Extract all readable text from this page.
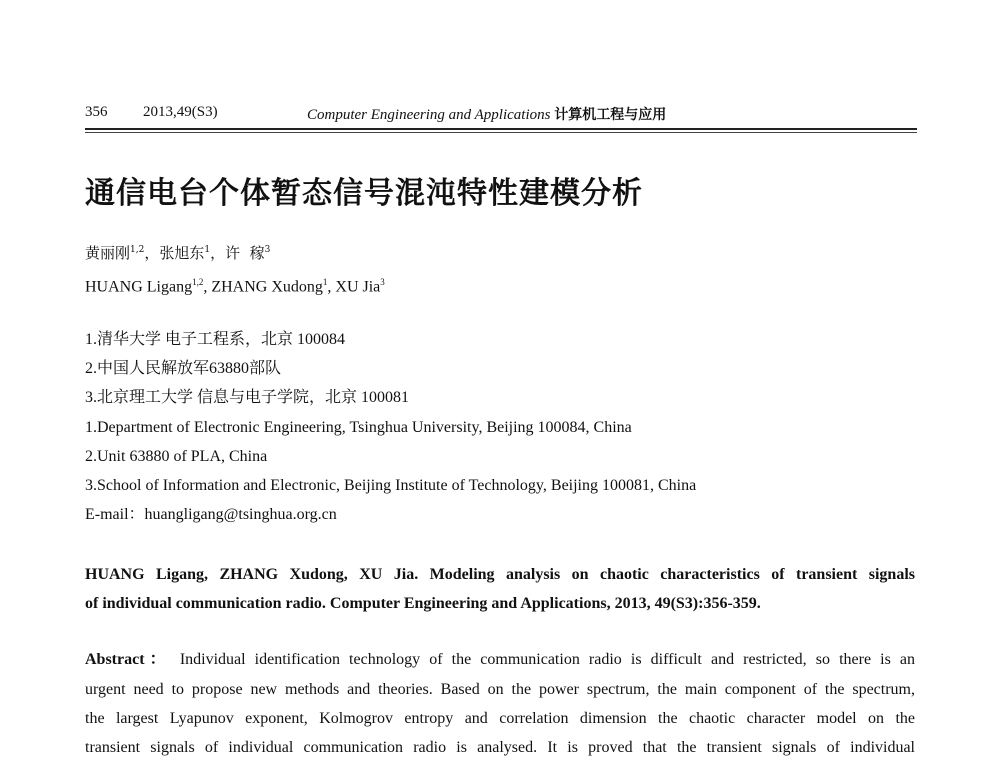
356 2013,49(S3)	Computer Engineering and Applications 计算机工程与应用
通信电台个体暂态信号混沌特性建模分析
黄丽刚$^{1,2}$，张旭东$^1$，许  稼$^3$
HUANG Ligang$^{1,2}$, ZHANG Xudong$^1$, XU Jia$^3$
1.清华大学 电子工程系，北京 100084
2.中国人民解放军63880部队
3.北京理工大学 信息与电子学院，北京 100081
1.Department of Electronic Engineering, Tsinghua University, Beijing 100084, China
2.Unit 63880 of PLA, China
3.School of Information and Electronic, Beijing Institute of Technology, Beijing 100081, China
E-mail：huangligang@tsinghua.org.cn
HUANG Ligang, ZHANG Xudong, XU Jia. Modeling analysis on chaotic characteristics of transient signals
of individual communication radio. Computer Engineering and Applications, 2013, 49(S3):356-359.
Abstract： Individual identification technology of the communication radio is difficult and restricted, so there is an
urgent need to propose new methods and theories. Based on the power spectrum, the main component of the spectrum,
the largest Lyapunov exponent, Kolmogrov entropy and correlation dimension the chaotic character model on the
transient signals of individual communication radio is analysed. It is proved that the transient signals of individual
